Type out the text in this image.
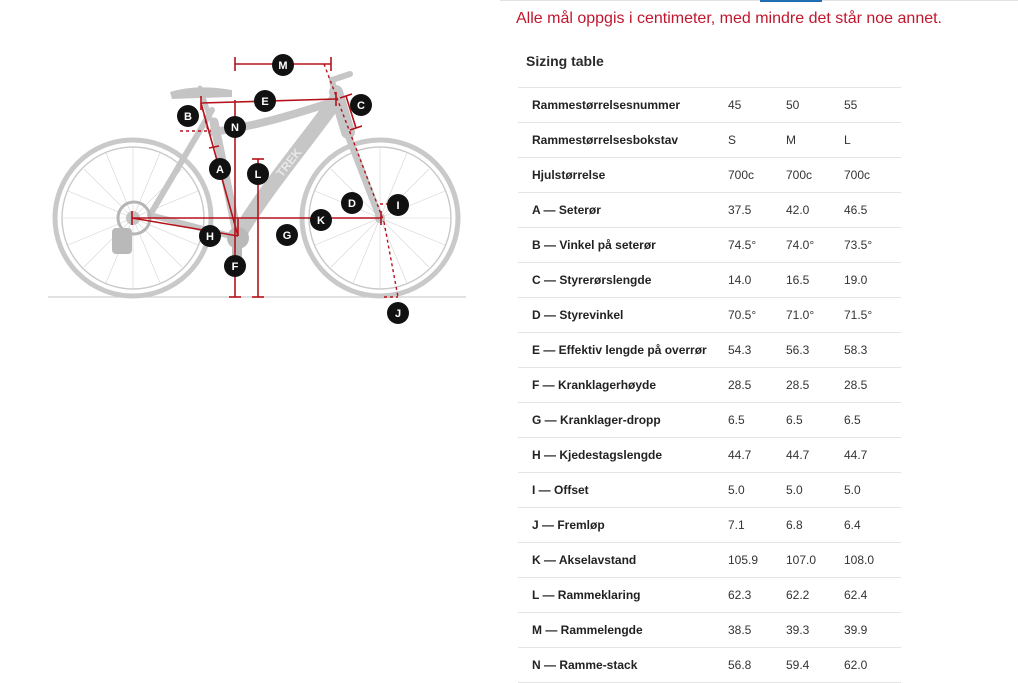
TREK
M
E	C
B
N
A	L
D	I
K
H	G
F
J
Alle mål oppgis i centimeter, med mindre det står noe annet.
Sizing table
Rammestørrelsesnummer	45	50	55
Rammestørrelsesbokstav	S	M	L
Hjulstørrelse	700c	700c	700c
A — Seterør	37.5	42.0	46.5
B — Vinkel på seterør	74.5°	74.0°	73.5°
C — Styrerørslengde	14.0	16.5	19.0
D — Styrevinkel	70.5°	71.0°	71.5°
E — Effektiv lengde på overrør	54.3	56.3	58.3
F — Kranklagerhøyde	28.5	28.5	28.5
G — Kranklager-dropp	6.5	6.5	6.5
H — Kjedestagslengde	44.7	44.7	44.7
I — Offset	5.0	5.0	5.0
J — Fremløp	7.1	6.8	6.4
K — Akselavstand	105.9	107.0	108.0
L — Rammeklaring	62.3	62.2	62.4
M — Rammelengde	38.5	39.3	39.9
N — Ramme-stack	56.8	59.4	62.0
